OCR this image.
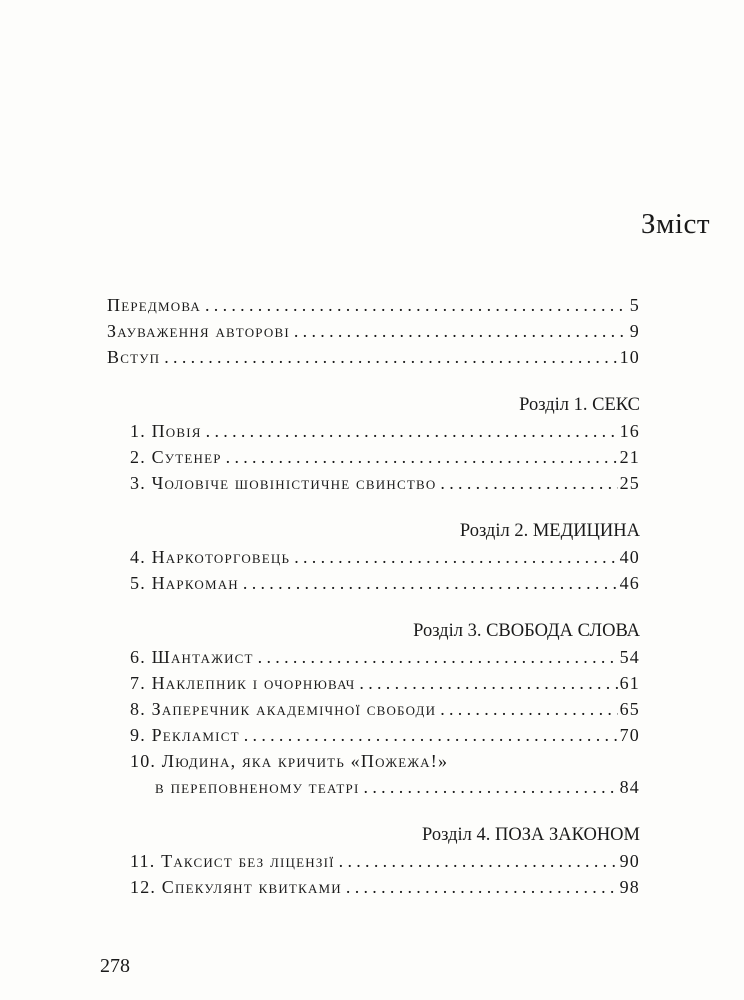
Зміст
Передмова .....	5
Зауваження авторові .....	9
Вступ .....	10
Розділ 1. СЕКС
1. Повія .....	16
2. Сутенер .....	21
3. Чоловіче шовіністичне свинство .....	25
Розділ 2. МЕДИЦИНА
4. Наркоторговець .....	40
5. Наркоман .....	46
Розділ 3. СВОБОДА СЛОВА
6. Шантажист .....	54
7. Наклепник і очорнювач .....	61
8. Заперечник академічної свободи .....	65
9. Рекламіст .....	70
10. Людина, яка кричить «Пожежа!»
в переповненому театрі .....	84
Розділ 4. ПОЗА ЗАКОНОМ
11. Таксист без ліцензії .....	90
12. Спекулянт квитками .....	98
278
